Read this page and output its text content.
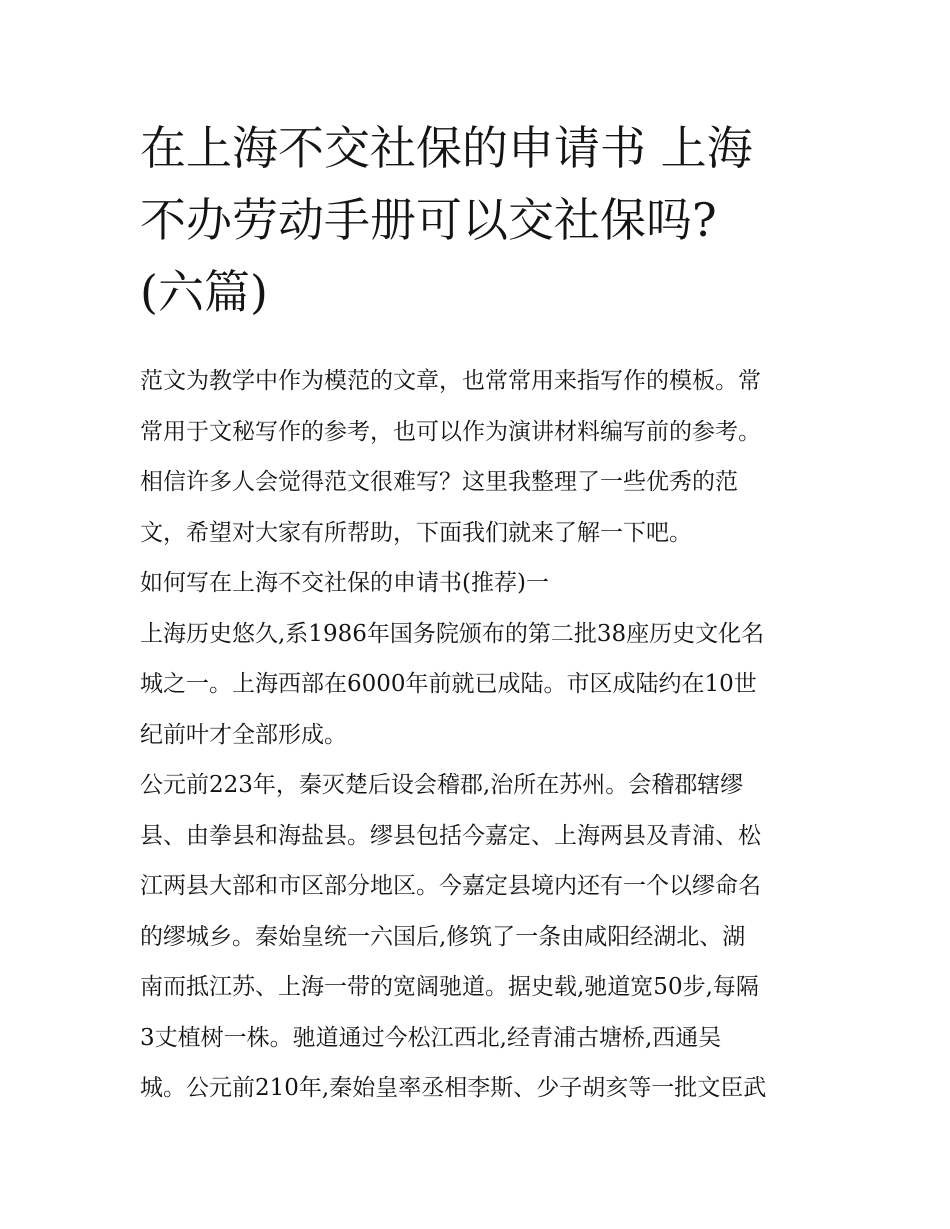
在上海不交社保的申请书 上海
不办劳动手册可以交社保吗?
(六篇)
范文为教学中作为模范的文章，也常常用来指写作的模板。常
常用于文秘写作的参考，也可以作为演讲材料编写前的参考。
相信许多人会觉得范文很难写？这里我整理了一些优秀的范
文，希望对大家有所帮助，下面我们就来了解一下吧。
如何写在上海不交社保的申请书(推荐)一
上海历史悠久,系1986年国务院颁布的第二批38座历史文化名
城之一。上海西部在6000年前就已成陆。市区成陆约在10世
纪前叶才全部形成。
公元前223年，秦灭楚后设会稽郡,治所在苏州。会稽郡辖缪
县、由拳县和海盐县。缪县包括今嘉定、上海两县及青浦、松
江两县大部和市区部分地区。今嘉定县境内还有一个以缪命名
的缪城乡。秦始皇统一六国后,修筑了一条由咸阳经湖北、湖
南而抵江苏、上海一带的宽阔驰道。据史载,驰道宽50步,每隔
3丈植树一株。驰道通过今松江西北,经青浦古塘桥,西通吴
城。公元前210年,秦始皇率丞相李斯、少子胡亥等一批文臣武
